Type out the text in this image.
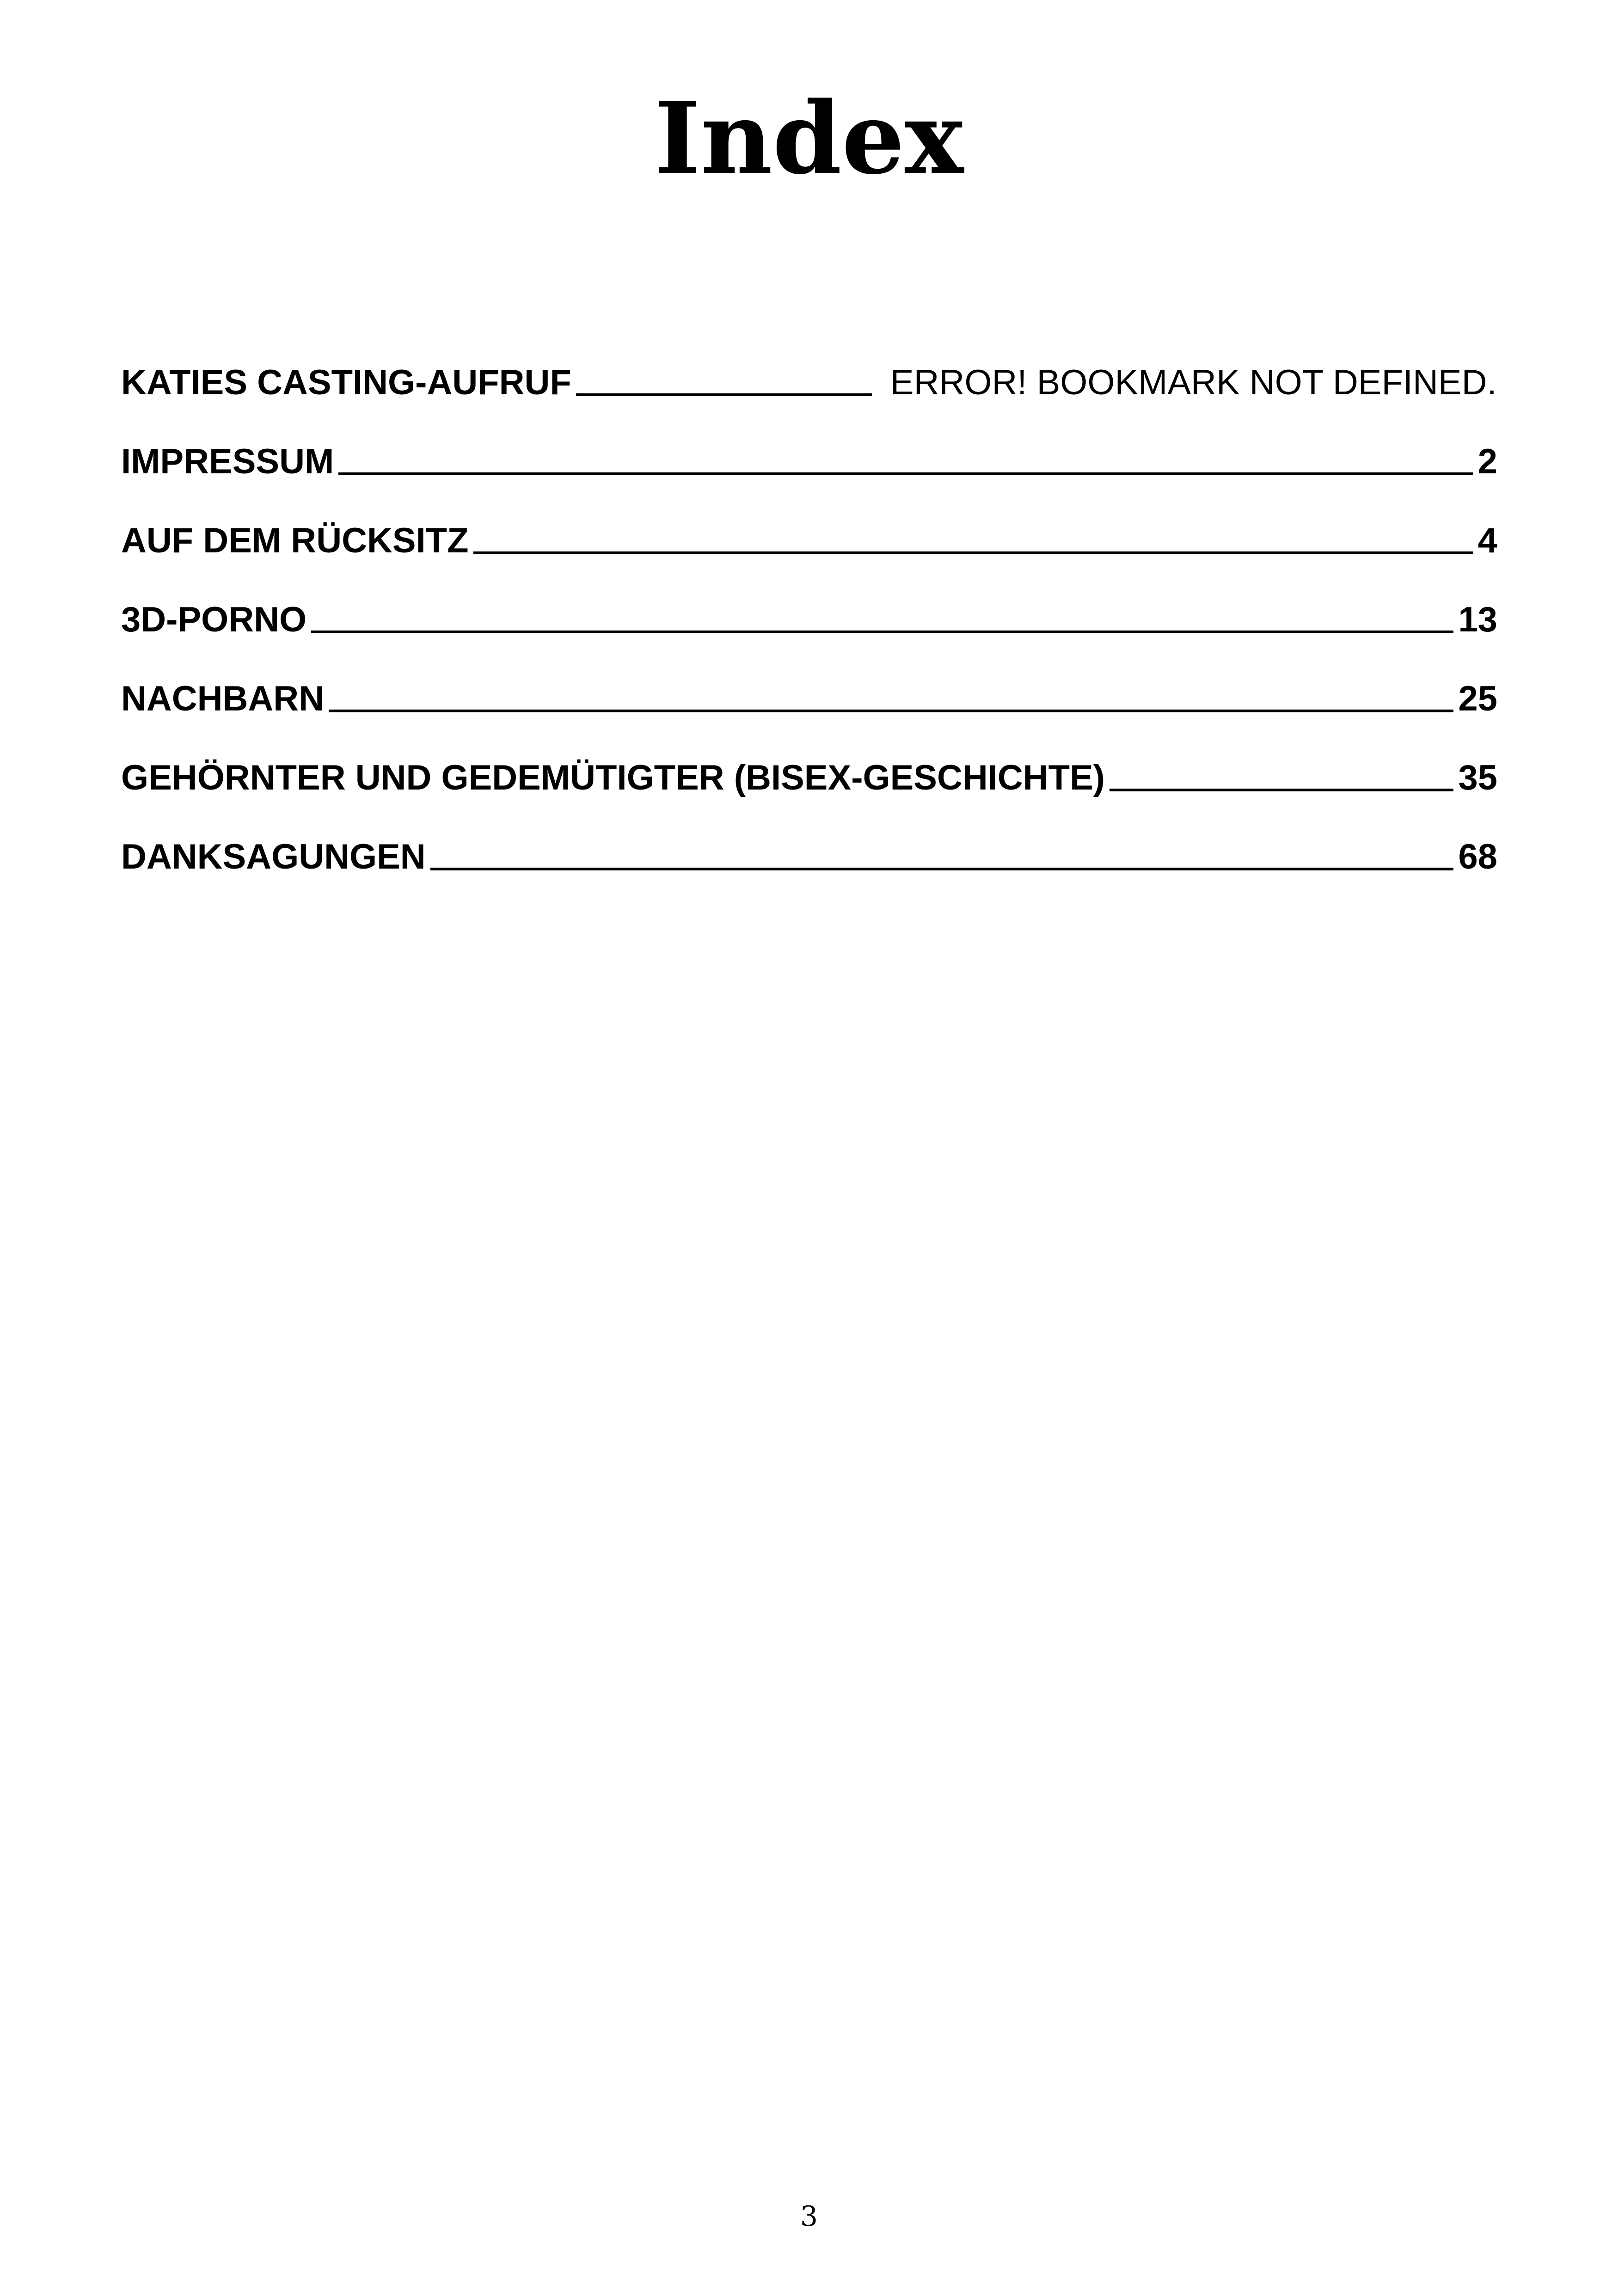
Index
KATIES CASTING-AUFRUF	ERROR! BOOKMARK NOT DEFINED.
IMPRESSUM	2
AUF DEM RÜCKSITZ	4
3D-PORNO	13
NACHBARN	25
GEHÖRNTER UND GEDEMÜTIGTER (BISEX-GESCHICHTE)	35
DANKSAGUNGEN	68
3
